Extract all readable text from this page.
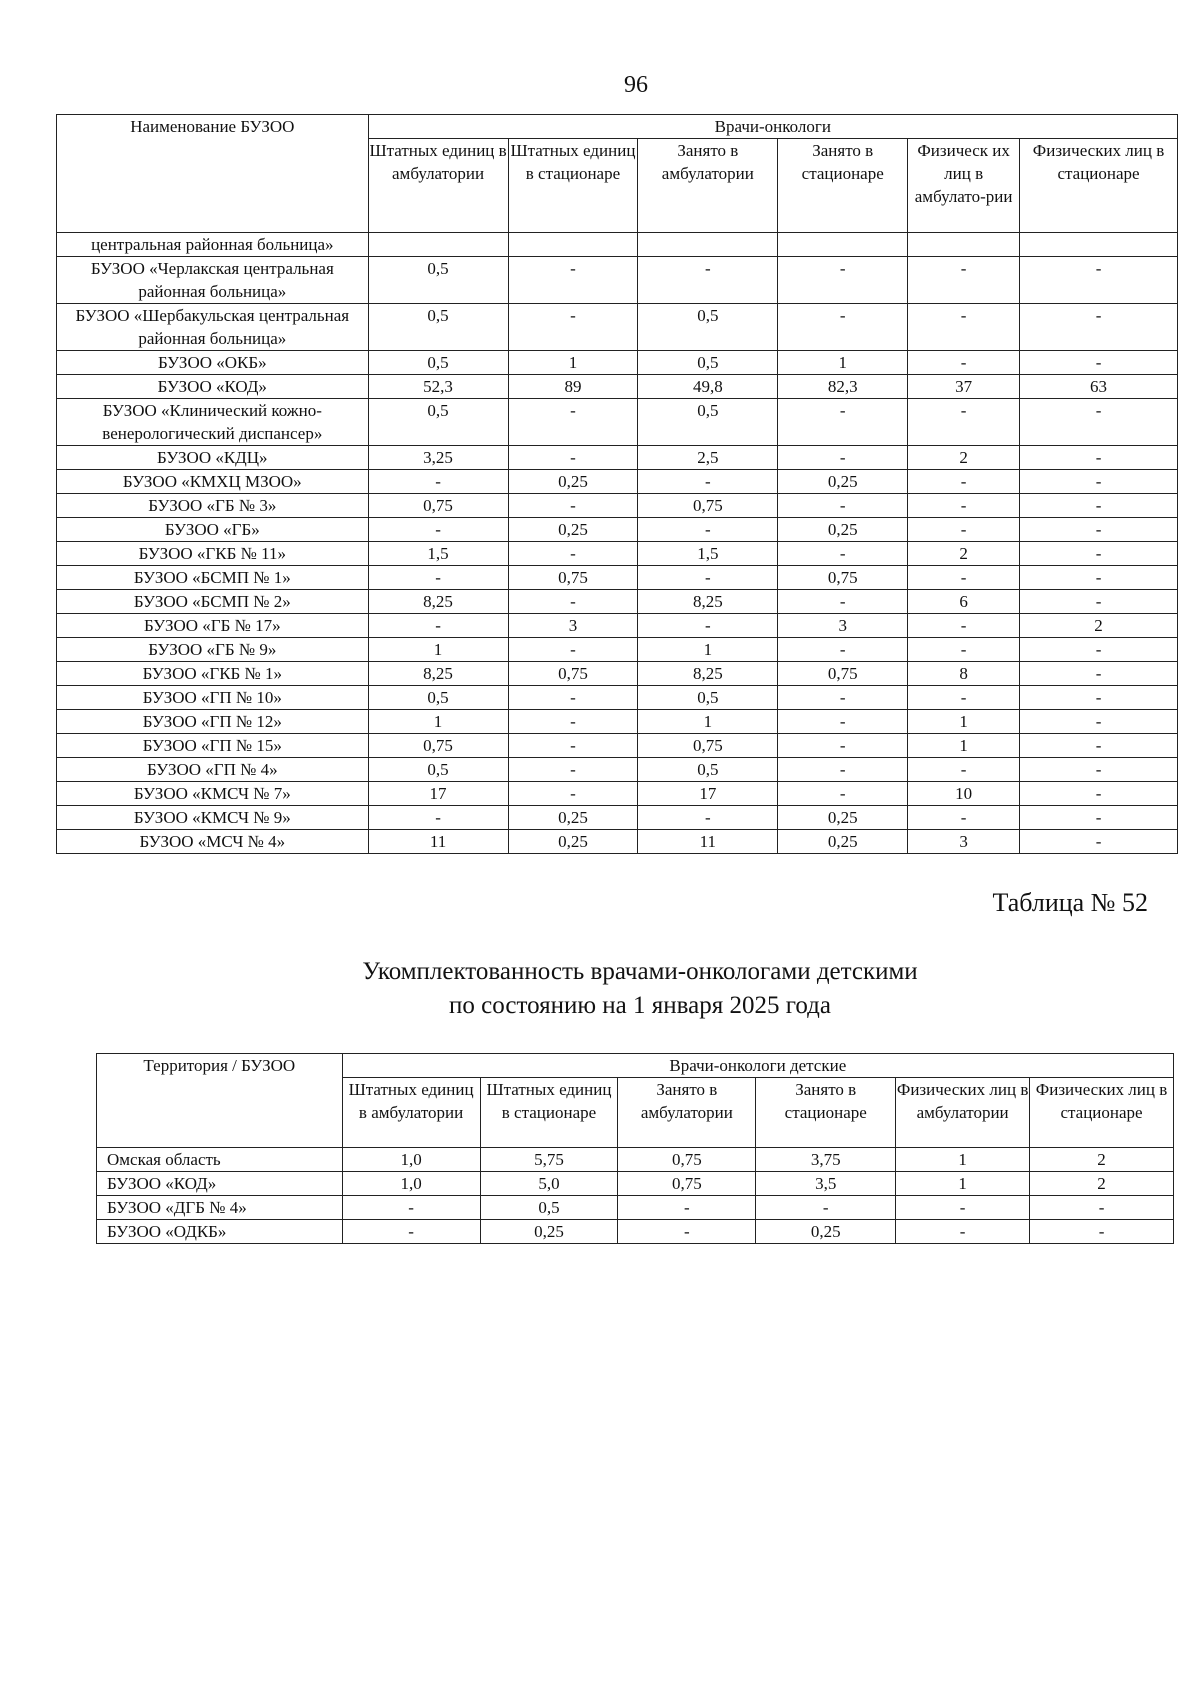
96
Наименование БУЗОО	Врачи-онкологи					
	Штатных единиц в амбулатории	Штатных единиц в стационаре	Занято в амбулатории	Занято в стационаре	Физическ их лиц в амбулато-рии	Физических лиц в стационаре
центральная районная больница»						
БУЗОО «Черлакская центральная районная больница»	0,5	-	-	-	-	-
БУЗОО «Шербакульская центральная районная больница»	0,5	-	0,5	-	-	-
БУЗОО «ОКБ»	0,5	1	0,5	1	-	-
БУЗОО «КОД»	52,3	89	49,8	82,3	37	63
БУЗОО «Клинический кожно-венерологический диспансер»	0,5	-	0,5	-	-	-
БУЗОО «КДЦ»	3,25	-	2,5	-	2	-
БУЗОО «КМХЦ МЗОО»	-	0,25	-	0,25	-	-
БУЗОО «ГБ № 3»	0,75	-	0,75	-	-	-
БУЗОО «ГБ»	-	0,25	-	0,25	-	-
БУЗОО «ГКБ № 11»	1,5	-	1,5	-	2	-
БУЗОО «БСМП № 1»	-	0,75	-	0,75	-	-
БУЗОО «БСМП № 2»	8,25	-	8,25	-	6	-
БУЗОО «ГБ № 17»	-	3	-	3	-	2
БУЗОО «ГБ № 9»	1	-	1	-	-	-
БУЗОО «ГКБ № 1»	8,25	0,75	8,25	0,75	8	-
БУЗОО «ГП № 10»	0,5	-	0,5	-	-	-
БУЗОО «ГП № 12»	1	-	1	-	1	-
БУЗОО «ГП № 15»	0,75	-	0,75	-	1	-
БУЗОО «ГП № 4»	0,5	-	0,5	-	-	-
БУЗОО «КМСЧ № 7»	17	-	17	-	10	-
БУЗОО «КМСЧ № 9»	-	0,25	-	0,25	-	-
БУЗОО «МСЧ № 4»	11	0,25	11	0,25	3	-
Таблица № 52
Укомплектованность врачами-онкологами детскими
по состоянию на 1 января 2025 года
Территория / БУЗОО	Врачи-онкологи детские					
	Штатных единиц в амбулатории	Штатных единиц в стационаре	Занято в амбулатории	Занято в стационаре	Физических лиц в амбулатории	Физических лиц в стационаре
Омская область	1,0	5,75	0,75	3,75	1	2
БУЗОО «КОД»	1,0	5,0	0,75	3,5	1	2
БУЗОО «ДГБ № 4»	-	0,5	-	-	-	-
БУЗОО «ОДКБ»	-	0,25	-	0,25	-	-
